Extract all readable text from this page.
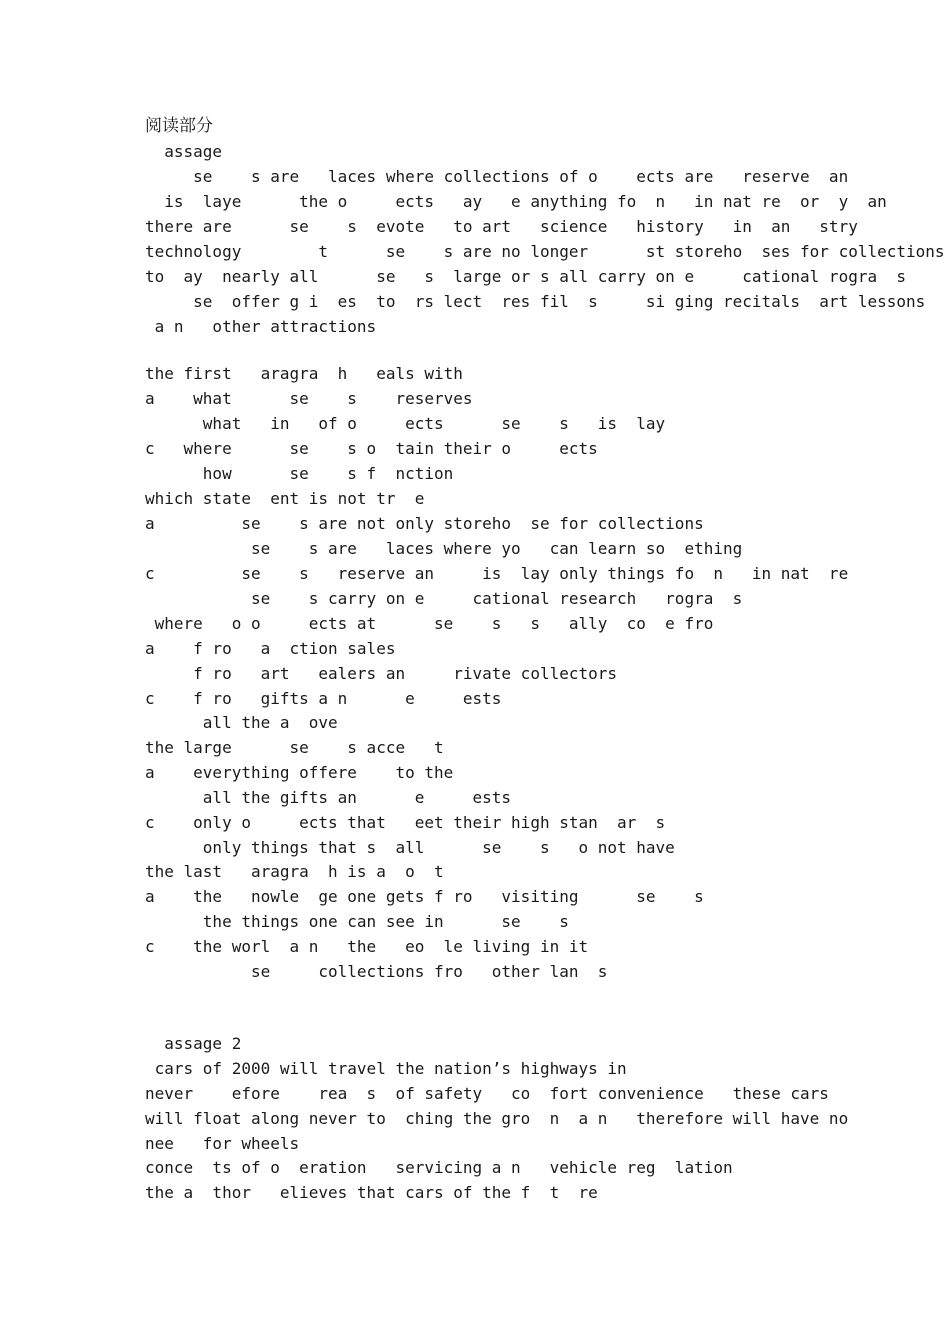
阅读部分
assage
se    s are   laces where collections of o    ects are   reserve  an
is  laye      the o     ects   ay   e anything fo  n   in nat re  or  y  an
there are      se    s  evote   to art   science   history   in  an   stry
technology        t      se    s are no longer      st storeho  ses for collections
to  ay  nearly all      se   s  large or s all carry on e     cational rogra  s
se  offer g i  es  to  rs lect  res fil  s     si ging recitals  art lessons
a n   other attractions
the first   aragra  h   eals with
a    what      se    s    reserves
what   in   of o     ects      se    s   is  lay
c   where      se    s o  tain their o     ects
how      se    s f  nction
which state  ent is not tr  e
a         se    s are not only storeho  se for collections
se    s are   laces where yo   can learn so  ething
c         se    s   reserve an     is  lay only things fo  n   in nat  re
se    s carry on e     cational research   rogra  s
where   o o     ects at      se    s   s   ally  co  e fro
a    f ro   a  ction sales
f ro   art   ealers an     rivate collectors
c    f ro   gifts a n      e     ests
all the a  ove
the large      se    s acce   t
a    everything offere    to the
all the gifts an      e     ests
c    only o     ects that   eet their high stan  ar  s
only things that s  all      se    s   o not have
the last   aragra  h is a  o  t
a    the   nowle  ge one gets f ro   visiting      se    s
the things one can see in      se    s
c    the worl  a n   the   eo  le living in it
se     collections fro   other lan  s
assage 2
cars of 2000 will travel the nation’s highways in
never    efore    rea  s  of safety   co  fort convenience   these cars
will float along never to  ching the gro  n  a n   therefore will have no
nee   for wheels
conce  ts of o  eration   servicing a n   vehicle reg  lation
the a  thor   elieves that cars of the f  t  re
